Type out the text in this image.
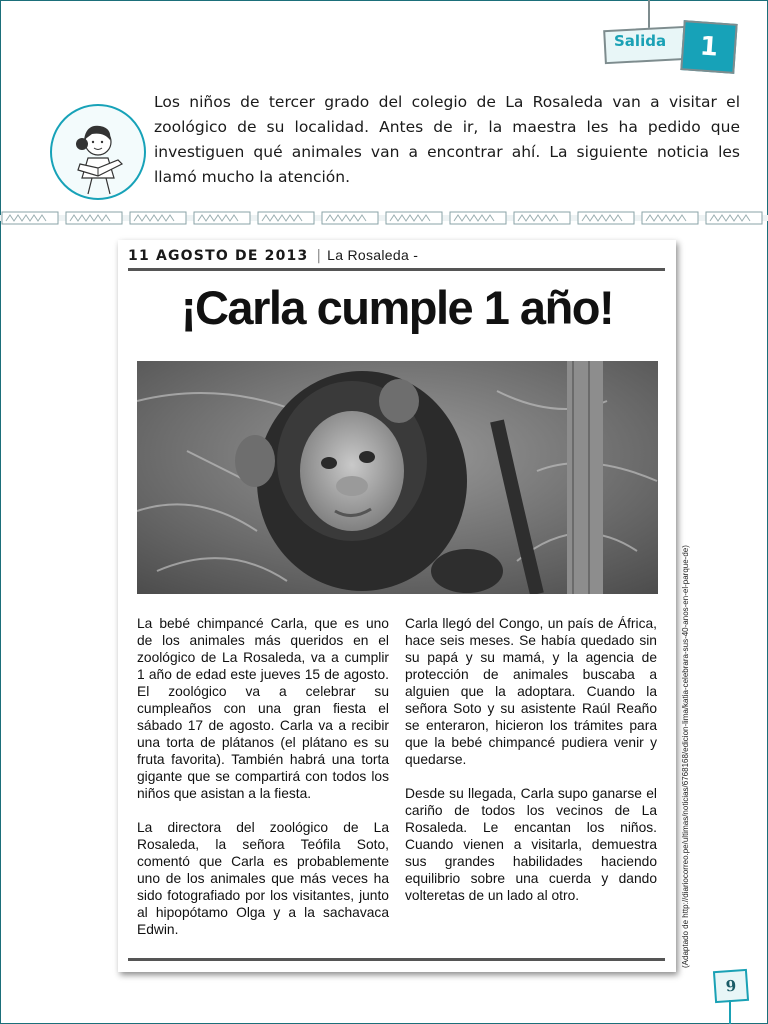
Salida	1
Los niños de tercer grado del colegio de La Rosaleda van a visitar el zoológico de su localidad. Antes de ir, la maestra les ha pedido que investiguen qué animales van a encontrar ahí. La siguiente noticia les llamó mucho la atención.
11 AGOSTO DE 2013 | La Rosaleda -
¡Carla cumple 1 año!

La bebé chimpancé Carla, que es uno de los animales más queridos en el zoológico de La Rosaleda, va a cumplir 1 año de edad este jueves 15 de agosto. El zoológico va a celebrar su cumpleaños con una gran fiesta el sábado 17 de agosto. Carla va a recibir una torta de plátanos (el plátano es su fruta favorita). También habrá una torta gigante que se compartirá con todos los niños que asistan a la fiesta.

La directora del zoológico de La Rosaleda, la señora Teófila Soto, comentó que Carla es probablemente uno de los animales que más veces ha sido fotografiado por los visitantes, junto al hipopótamo Olga y a la sachavaca Edwin.

Carla llegó del Congo, un país de África, hace seis meses. Se había quedado sin su papá y su mamá, y la agencia de protección de animales buscaba a alguien que la adoptara. Cuando la señora Soto y su asistente Raúl Reaño se enteraron, hicieron los trámites para que la bebé chimpancé pudiera venir y quedarse.

Desde su llegada, Carla supo ganarse el cariño de todos los vecinos de La Rosaleda. Le encantan los niños. Cuando vienen a visitarla, demuestra sus grandes habilidades haciendo equilibrio sobre una cuerda y dando volteretas de un lado al otro.	(Adaptado de http://diariocorreo.pe/ultimas/noticias/6768168/edicion-lima/katia-celebrara-sus-40-anos-en-el-parque-de)
9
